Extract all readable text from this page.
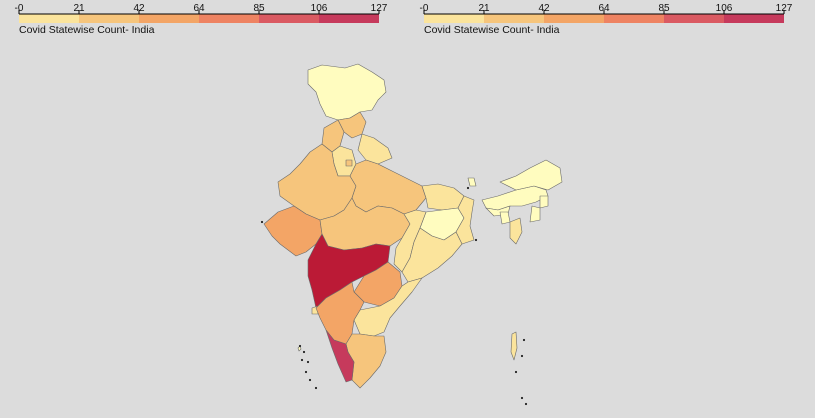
-0	21	42	64	85	106	127
Covid Statewise Count- India
-0	21	42	64	85	106	127
Covid Statewise Count- India
